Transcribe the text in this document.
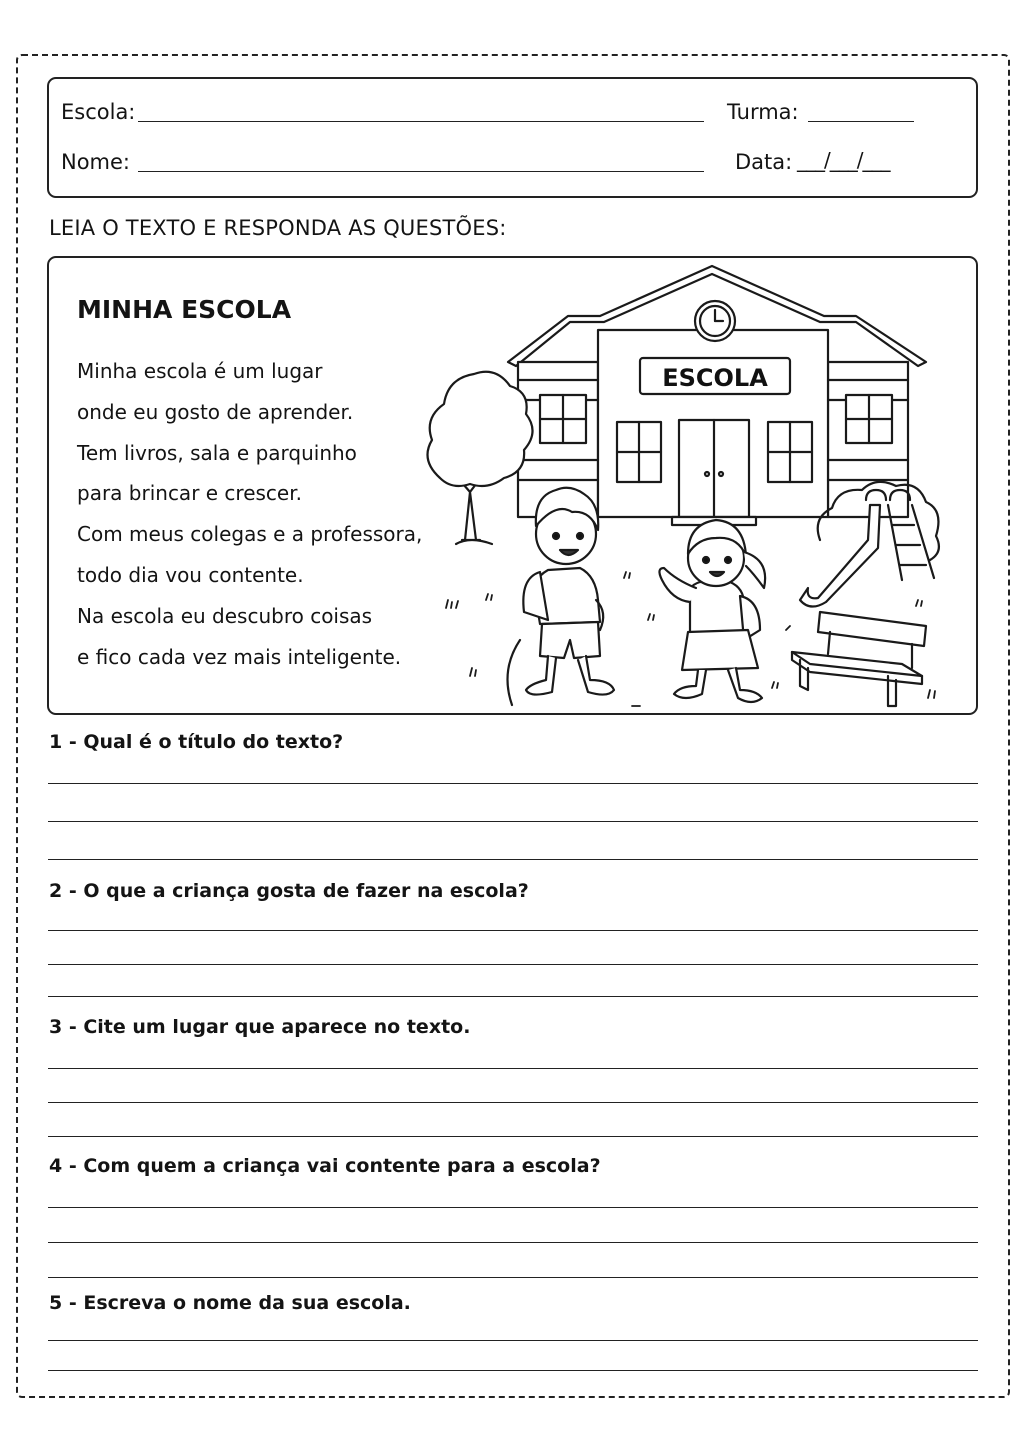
Escola:	Turma:
Nome:	Data: ___/___/___
LEIA O TEXTO E RESPONDA AS QUESTÕES:
MINHA ESCOLA
Minha escola é um lugar
onde eu gosto de aprender.
Tem livros, sala e parquinho
para brincar e crescer.
Com meus colegas e a professora,
todo dia vou contente.
Na escola eu descubro coisas
e fico cada vez mais inteligente.
ESCOLA
1 - Qual é o título do texto?
2 - O que a criança gosta de fazer na escola?
3 - Cite um lugar que aparece no texto.
4 - Com quem a criança vai contente para a escola?
5 - Escreva o nome da sua escola.
